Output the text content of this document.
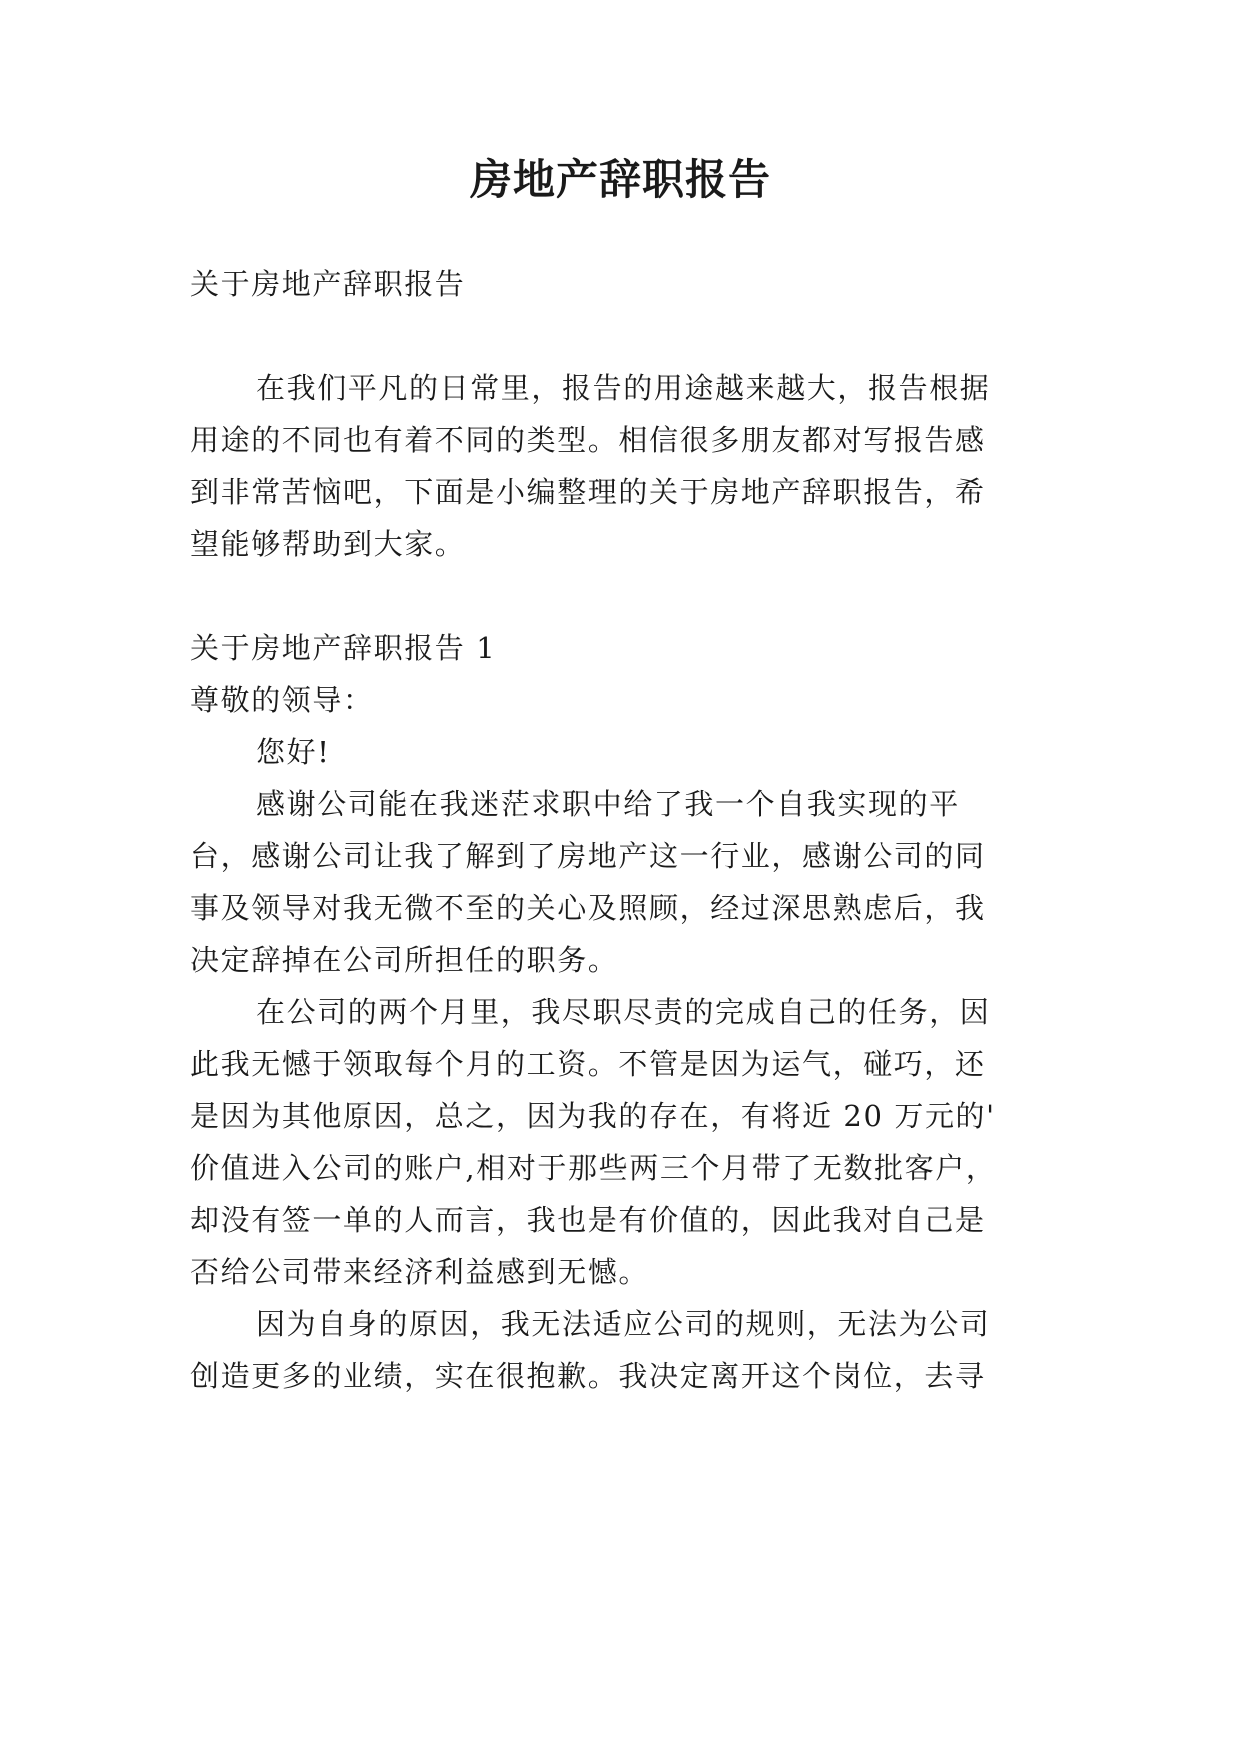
房地产辞职报告
关于房地产辞职报告
在我们平凡的日常里，报告的用途越来越大，报告根据
用途的不同也有着不同的类型。相信很多朋友都对写报告感
到非常苦恼吧，下面是小编整理的关于房地产辞职报告，希
望能够帮助到大家。
关于房地产辞职报告 1
尊敬的领导：
您好!
感谢公司能在我迷茫求职中给了我一个自我实现的平
台，感谢公司让我了解到了房地产这一行业，感谢公司的同
事及领导对我无微不至的关心及照顾，经过深思熟虑后，我
决定辞掉在公司所担任的职务。
在公司的两个月里，我尽职尽责的完成自己的任务，因
此我无憾于领取每个月的工资。不管是因为运气，碰巧，还
是因为其他原因，总之，因为我的存在，有将近 20 万元的'
价值进入公司的账户,相对于那些两三个月带了无数批客户，
却没有签一单的人而言，我也是有价值的，因此我对自己是
否给公司带来经济利益感到无憾。
因为自身的原因，我无法适应公司的规则，无法为公司
创造更多的业绩，实在很抱歉。我决定离开这个岗位，去寻
